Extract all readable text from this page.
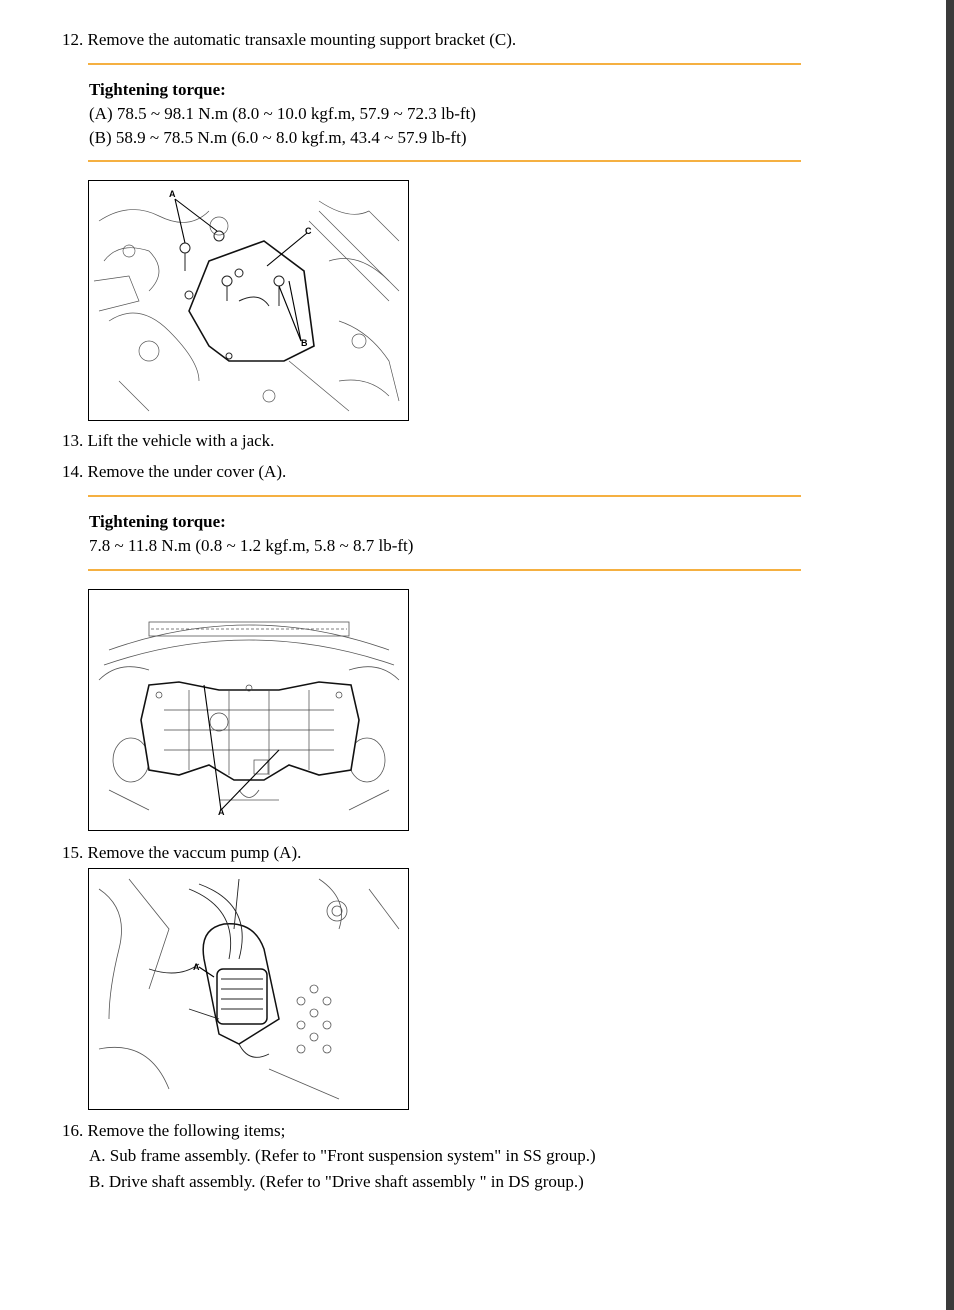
12. Remove the automatic transaxle mounting support bracket (C).
Tightening torque:
(A) 78.5 ~ 98.1 N.m (8.0 ~ 10.0 kgf.m, 57.9 ~ 72.3 lb-ft)
(B) 58.9 ~ 78.5 N.m (6.0 ~ 8.0 kgf.m, 43.4 ~ 57.9 lb-ft)
A
C
B
13. Lift the vehicle with a jack.
14. Remove the under cover (A).
Tightening torque:
7.8 ~ 11.8 N.m (0.8 ~ 1.2 kgf.m, 5.8 ~ 8.7 lb-ft)
A
15. Remove the vaccum pump (A).
A
16. Remove the following items;
A. Sub frame assembly. (Refer to "Front suspension system" in SS group.)
B. Drive shaft assembly. (Refer to "Drive shaft assembly " in DS group.)
